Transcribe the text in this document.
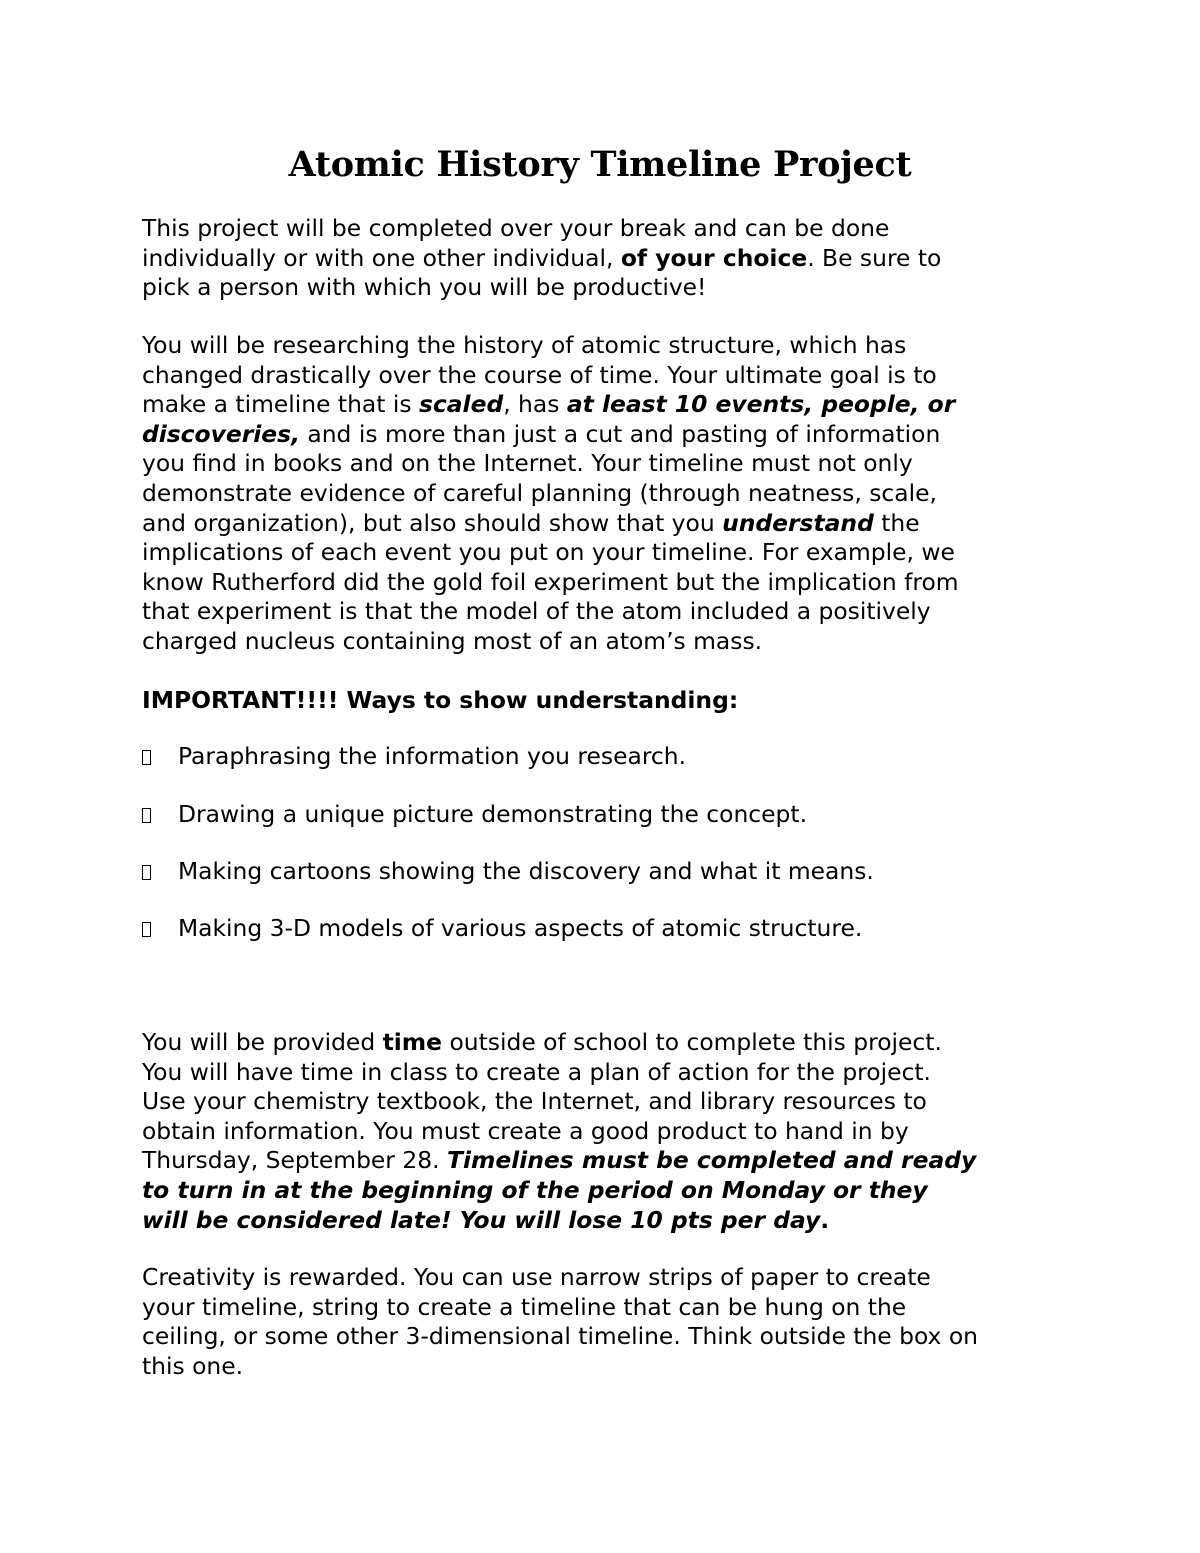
Atomic History Timeline Project
This project will be completed over your break and can be done
individually or with one other individual, of your choice. Be sure to
pick a person with which you will be productive!
You will be researching the history of atomic structure, which has
changed drastically over the course of time. Your ultimate goal is to
make a timeline that is scaled, has at least 10 events, people, or
discoveries, and is more than just a cut and pasting of information
you find in books and on the Internet. Your timeline must not only
demonstrate evidence of careful planning (through neatness, scale,
and organization), but also should show that you understand the
implications of each event you put on your timeline. For example, we
know Rutherford did the gold foil experiment but the implication from
that experiment is that the model of the atom included a positively
charged nucleus containing most of an atom’s mass.
IMPORTANT!!!! Ways to show understanding:
Paraphrasing the information you research.
Drawing a unique picture demonstrating the concept.
Making cartoons showing the discovery and what it means.
Making 3-D models of various aspects of atomic structure.
You will be provided time outside of school to complete this project.
You will have time in class to create a plan of action for the project.
Use your chemistry textbook, the Internet, and library resources to
obtain information. You must create a good product to hand in by
Thursday, September 28. Timelines must be completed and ready
to turn in at the beginning of the period on Monday or they
will be considered late! You will lose 10 pts per day.
Creativity is rewarded. You can use narrow strips of paper to create
your timeline, string to create a timeline that can be hung on the
ceiling, or some other 3-dimensional timeline. Think outside the box on
this one.
